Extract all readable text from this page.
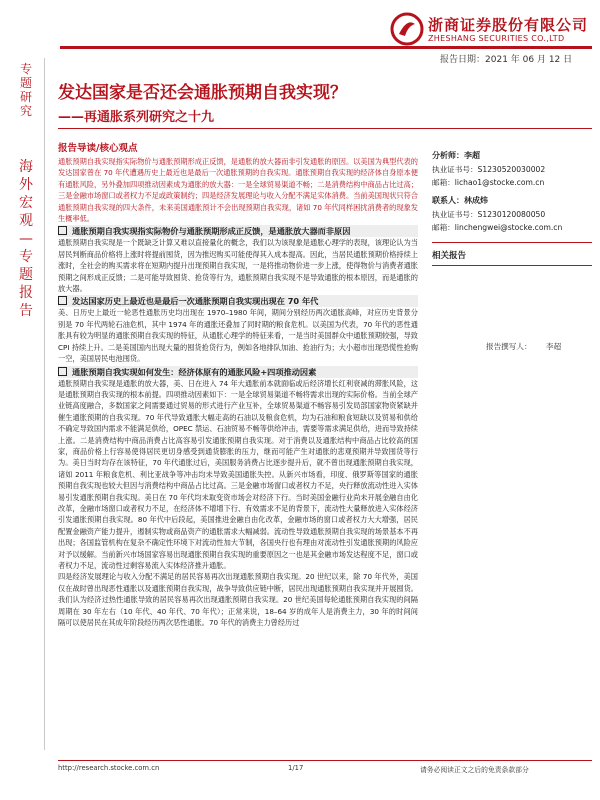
浙商证券股份有限公司
ZHESHANG SECURITIES CO.,LTD
报告日期：2021 年 06 月 12 日
专题研究
海外宏观—专题报告
发达国家是否还会通胀预期自我实现？
——再通胀系列研究之十九
报告导读/核心观点
通胀预期自我实现指实际物价与通胀预期形成正反馈，是通胀的放大器而非引发通胀的原因。以美国为典型代表的发达国家曾在 70 年代遭遇历史上最近也是最后一次通胀预期的自我实现。通胀预期自我实现的经济体自身原本便有通胀风险，另外叠加四项推动因素成为通胀的放大器：一是全球贸易渠道不畅；二是消费结构中商品占比过高；三是金融市场窗口或者权力不足或政策制约；四是经济发展理论与收入分配不满足实体消费。当前美国现状只符合通胀预期自我实现的四大条件，未来美国通胀预计不会出现预期自我实现，诸如 70 年代同样困扰消费者的现象发生概率低。
通胀预期自我实现指实际物价与通胀预期形成正反馈，是通胀放大器而非原因
通胀预期自我实现是一个既缺乏计算又难以直接量化的概念，我们以为该现象是通胀心理学的表现，该理论认为当居民判断商品价格将上涨时将提前囤货，因为推迟购买可能使得其入成本提高。因此，当居民通胀预期价格持续上涨时，全社会的购买需求将在短期内提升出现预期自我实现，一是将推动物价进一步上涨，使得物价与消费者通胀预期之间形成正反馈；二是可能导致囤货、抢货等行为，通胀预期自我实现不是导致通胀的根本原因，而是通胀的放大器。
发达国家历史上最近也是最后一次通胀预期自我实现出现在 70 年代
美、日历史上最近一轮恶性通胀历史均出现在 1970–1980 年间，期间分别经历两次通胀高峰，对应历史背景分别是 70 年代两轮石油危机，其中 1974 年的通胀还叠加了同时期的粮食危机。以美国为代表，70 年代的恶性通胀具有较为明显的通胀预期自我实现的特征，从通胀心理学的特征来看，一是当时美国群众中通胀预期较强，导致 CPI 持续上升。二是美国国内出现大量的囤货抢货行为，例如各地排队加油、抢油行为；大小超市出现恐慌性抢购一空，美国居民电池囤货。
通胀预期自我实现如何发生：经济体原有的通胀风险+四项推动因素
通胀预期自我实现是通胀的放大器，美、日在进入 74 年大通胀前本就面临或后经济增长红利衰减的滞胀风险，这是通胀预期自我实现的根本前提。四项推动因素如下：一是全球贸易渠道不畅将需求出现的实际价格。当前全球产业链高度融合，多数国家之间需要通过贸易的形式进行产业互补，全球贸易渠道不畅容易引发局部国家物资紧缺并催生通胀预期的自我实现。70 年代导致通胀大幅走高的石油以及粮食危机，均为石油和粮食短缺以及贸易和供给不确定导致国内需求不能满足供给，OPEC 禁运、石油贸易不畅等供给冲击，需要等需求满足供给，进而导致持续上涨。二是消费结构中商品消费占比高容易引发通胀预期自我实现。对于消费以及通胀结构中商品占比较高的国家，商品价格上行容易使得居民更切身感受到通货膨胀的压力，继而可能产生对通胀的悲观预期并导致囤货等行为。美日当时均存在该特征，70 年代通胀过后，美国服务消费占比逐步提升后，就不曾出现通胀预期自我实现，诸如 2011 年粮食危机、利比亚战争等冲击均未导致美国通胀失控。从新兴市场看，印度、俄罗斯等国家的通胀预期自我实现也较大但因与消费结构中商品占比过高。三是金融市场窗口或者权力不足，央行释放流动性进入实体易引发通胀预期自我实现。美日在 70 年代均未取变资市场会对经济下行。当时美国金融行业尚未开展金融自由化改革，金融市场窗口或者权力不足，在经济体不增增下行、有效需求不足的背景下，流动性大量释放进入实体经济引发通胀预期自我实现。80 年代中后段起，美国推进金融自由化改革，金融市场的窗口或者权力大大增强，居民配置金融资产能力提升，遏制实物或商品资产的通胀需求大幅减弱。流动性导致通胀预期自我实现的场景基本不再出现；各国监管机构在复杂不确定性环境下对流动性加大节制，各国央行也有理由对流动性引发通胀预期的风险应对予以缓解。当前新兴市场国家容易出现通胀预期自我实现的重要原因之一也是其金融市场发达程度不足，窗口或者权力不足，流动性过剩容易流入实体经济推升通胀。
四是经济发展理论与收入分配不满足的居民容易再次出现通胀预期自我实现。20 世纪以来，除 70 年代外，美国仅在战时曾出现恶性通胀以及通胀预期自我实现，战争导致供应链中断，居民出现通胀预期自我实现并开展囤货。我们认为经济过热性通胀导致的居民容易再次出现通胀预期自我实现。20 世纪美国每轮通胀预期自我实现的间隔周期在 30 年左右（10 年代、40 年代、70 年代）；正常来说，18–64 岁的成年人是消费主力，30 年的时间间隔可以使居民在其成年阶段经历两次恶性通胀。70 年代的消费主力曾经历过
分析师：李超
执业证书号：S1230520030002
邮箱：lichao1@stocke.com.cn
联系人：林成炜
执业证书号：S1230120080050
邮箱：linchengwei@stocke.com.cn
相关报告
报告撰写人： 李超
http://research.stocke.com.cn	1/17	请务必阅读正文之后的免责条款部分
